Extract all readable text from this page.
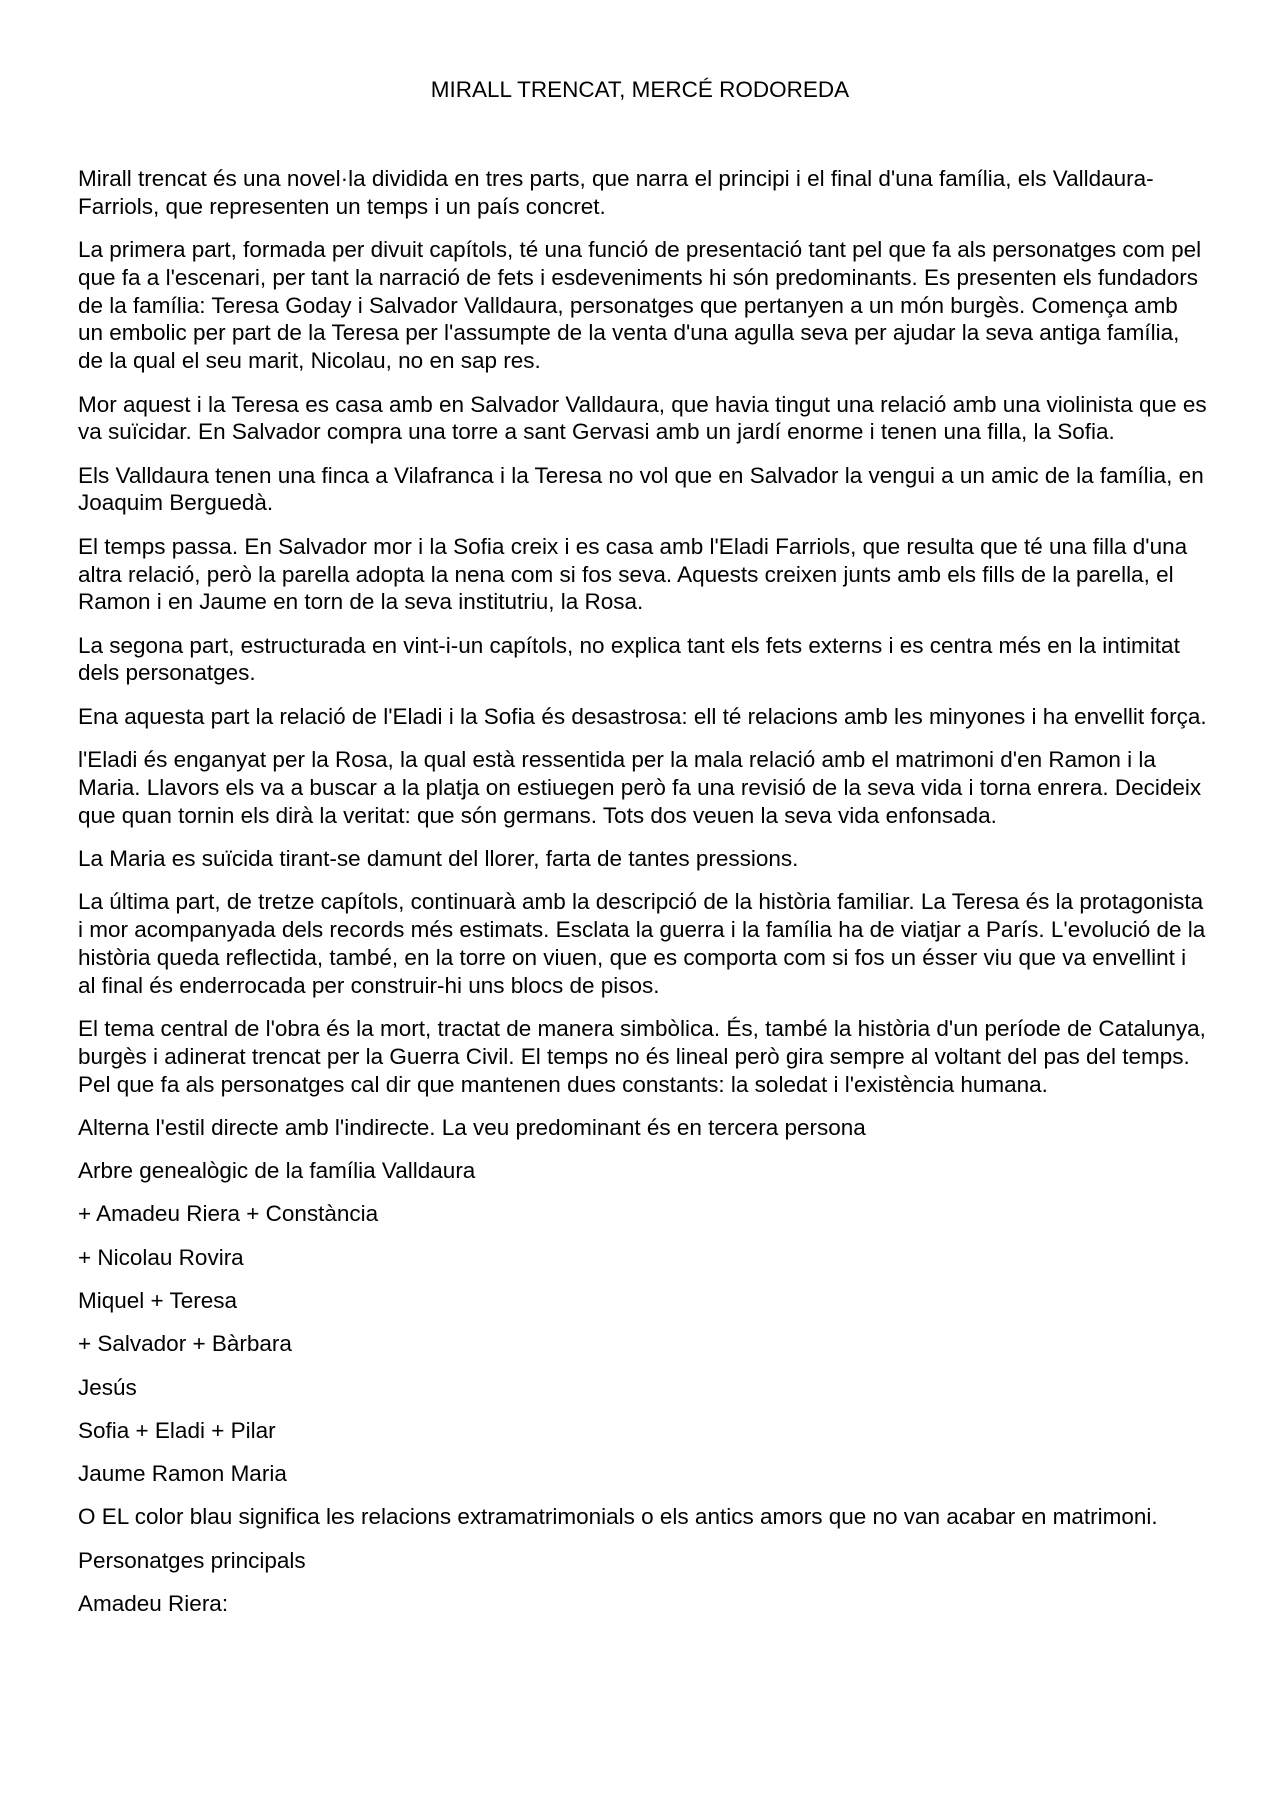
MIRALL TRENCAT, MERCÉ RODOREDA

Mirall trencat és una novel·la dividida en tres parts, que narra el principi i el final d'una família, els Valldaura-Farriols, que representen un temps i un país concret.

La primera part, formada per divuit capítols, té una funció de presentació tant pel que fa als personatges com pel que fa a l'escenari, per tant la narració de fets i esdeveniments hi són predominants. Es presenten els fundadors de la família: Teresa Goday i Salvador Valldaura, personatges que pertanyen a un món burgès. Comença amb un embolic per part de la Teresa per l'assumpte de la venta d'una agulla seva per ajudar la seva antiga família, de la qual el seu marit, Nicolau, no en sap res.

Mor aquest i la Teresa es casa amb en Salvador Valldaura, que havia tingut una relació amb una violinista que es va suïcidar. En Salvador compra una torre a sant Gervasi amb un jardí enorme i tenen una filla, la Sofia.

Els Valldaura tenen una finca a Vilafranca i la Teresa no vol que en Salvador la vengui a un amic de la família, en Joaquim Berguedà.

El temps passa. En Salvador mor i la Sofia creix i es casa amb l'Eladi Farriols, que resulta que té una filla d'una altra relació, però la parella adopta la nena com si fos seva. Aquests creixen junts amb els fills de la parella, el Ramon i en Jaume en torn de la seva institutriu, la Rosa.

La segona part, estructurada en vint-i-un capítols, no explica tant els fets externs i es centra més en la intimitat dels personatges.

Ena aquesta part la relació de l'Eladi i la Sofia és desastrosa: ell té relacions amb les minyones i ha envellit força.

l'Eladi és enganyat per la Rosa, la qual està ressentida per la mala relació amb el matrimoni d'en Ramon i la Maria. Llavors els va a buscar a la platja on estiuegen però fa una revisió de la seva vida i torna enrera. Decideix que quan tornin els dirà la veritat: que són germans. Tots dos veuen la seva vida enfonsada.

La Maria es suïcida tirant-se damunt del llorer, farta de tantes pressions.

La última part, de tretze capítols, continuarà amb la descripció de la història familiar. La Teresa és la protagonista i mor acompanyada dels records més estimats. Esclata la guerra i la família ha de viatjar a París. L'evolució de la història queda reflectida, també, en la torre on viuen, que es comporta com si fos un ésser viu que va envellint i al final és enderrocada per construir-hi uns blocs de pisos.

El tema central de l'obra és la mort, tractat de manera simbòlica. És, també la història d'un període de Catalunya, burgès i adinerat trencat per la Guerra Civil. El temps no és lineal però gira sempre al voltant del pas del temps. Pel que fa als personatges cal dir que mantenen dues constants: la soledat i l'existència humana.

Alterna l'estil directe amb l'indirecte. La veu predominant és en tercera persona

Arbre genealògic de la família Valldaura

+ Amadeu Riera + Constància

+ Nicolau Rovira

Miquel + Teresa

+ Salvador + Bàrbara

Jesús

Sofia + Eladi + Pilar

Jaume Ramon Maria

O EL color blau significa les relacions extramatrimonials o els antics amors que no van acabar en matrimoni.

Personatges principals

Amadeu Riera:
